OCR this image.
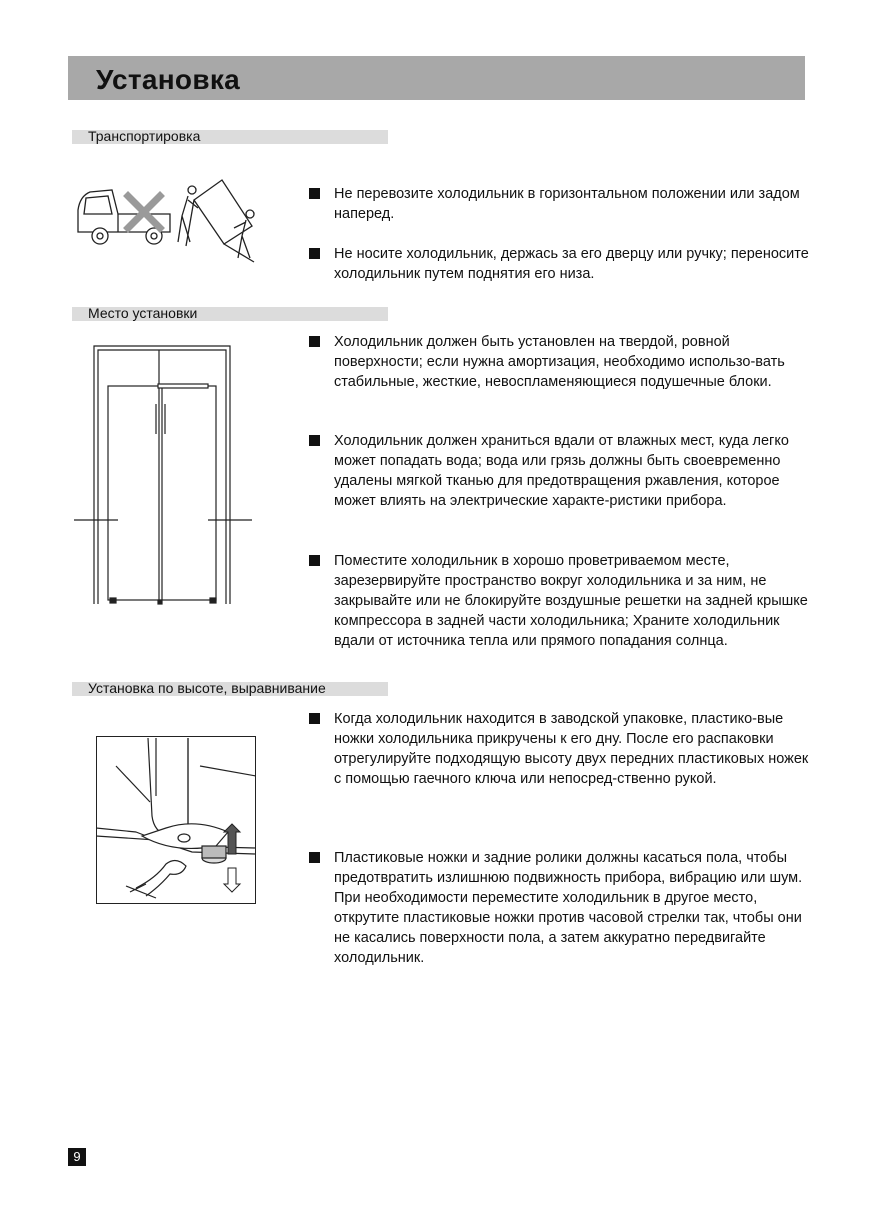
Установка
Транспортировка

Не перевозите холодильник в горизонтальном положении или задом наперед.

Не носите холодильник, держась за его дверцу или ручку; переносите холодильник путем поднятия его низа.

Место установки

Холодильник должен быть установлен на твердой, ровной поверхности; если нужна амортизация, необходимо использо-вать стабильные, жесткие, невоспламеняющиеся подушечные блоки.

Холодильник должен храниться вдали от влажных мест, куда легко может попадать вода; вода или грязь должны быть своевременно удалены мягкой тканью для предотвращения ржавления, которое может влиять на электрические характе-ристики прибора.

Поместите холодильник в хорошо проветриваемом месте, зарезервируйте пространство вокруг холодильника и за ним, не закрывайте или не блокируйте воздушные решетки на задней крышке компрессора в задней части холодильника; Храните холодильник вдали от источника тепла или прямого попадания солнца.

Установка по высоте, выравнивание

Когда холодильник находится в заводской упаковке, пластико-вые ножки холодильника прикручены к его дну. После его распаковки отрегулируйте подходящую высоту двух передних пластиковых ножек с помощью гаечного ключа или непосред-ственно рукой.

Пластиковые ножки и задние ролики должны касаться пола, чтобы предотвратить излишнюю подвижность прибора, вибрацию или шум.

При необходимости переместите холодильник в другое место, открутите пластиковые ножки против часовой стрелки так, чтобы они не касались поверхности пола, а затем аккуратно передвигайте холодильник.

9
